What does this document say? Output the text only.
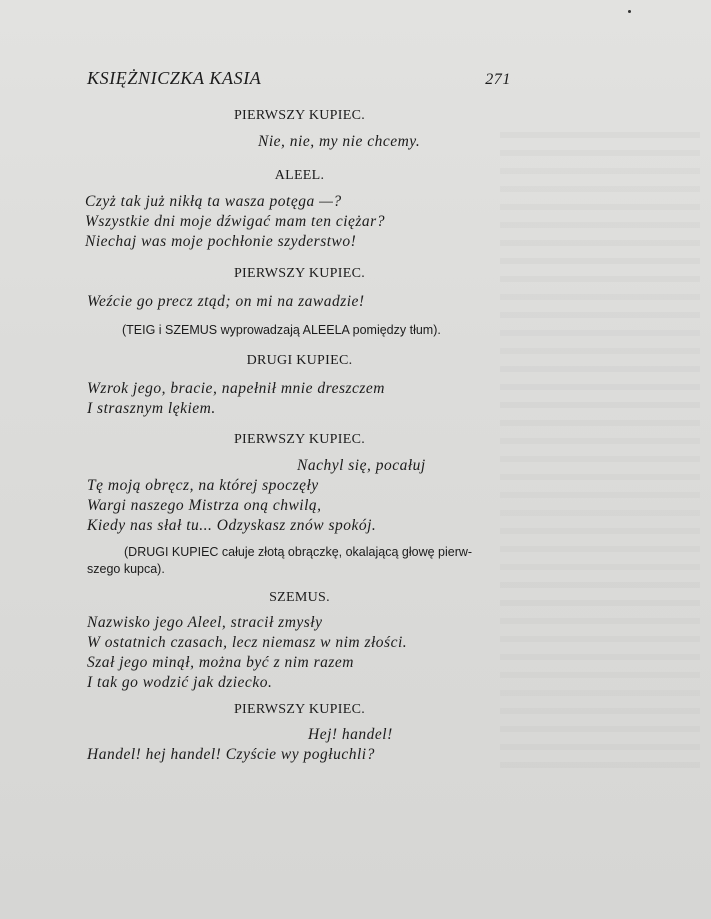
KSIĘŻNICZKA KASIA	271
PIERWSZY KUPIEC.
Nie, nie, my nie chcemy.
ALEEL.
Czyż tak już nikłą ta wasza potęga —?
Wszystkie dni moje dźwigać mam ten ciężar?
Niechaj was moje pochłonie szyderstwo!
PIERWSZY KUPIEC.
Weźcie go precz ztąd; on mi na zawadzie!
(TEIG i SZEMUS wyprowadzają ALEELA pomiędzy tłum).
DRUGI KUPIEC.
Wzrok jego, bracie, napełnił mnie dreszczem
I strasznym lękiem.
PIERWSZY KUPIEC.
Nachyl się, pocałuj
Tę moją obręcz, na której spoczęły
Wargi naszego Mistrza oną chwilą,
Kiedy nas słał tu... Odzyskasz znów spokój.
(DRUGI KUPIEC całuje złotą obrączkę, okalającą głowę pierw-
szego kupca).
SZEMUS.
Nazwisko jego Aleel, stracił zmysły
W ostatnich czasach, lecz niemasz w nim złości.
Szał jego minął, można być z nim razem
I tak go wodzić jak dziecko.
PIERWSZY KUPIEC.
Hej! handel!
Handel! hej handel! Czyście wy pogłuchli?
